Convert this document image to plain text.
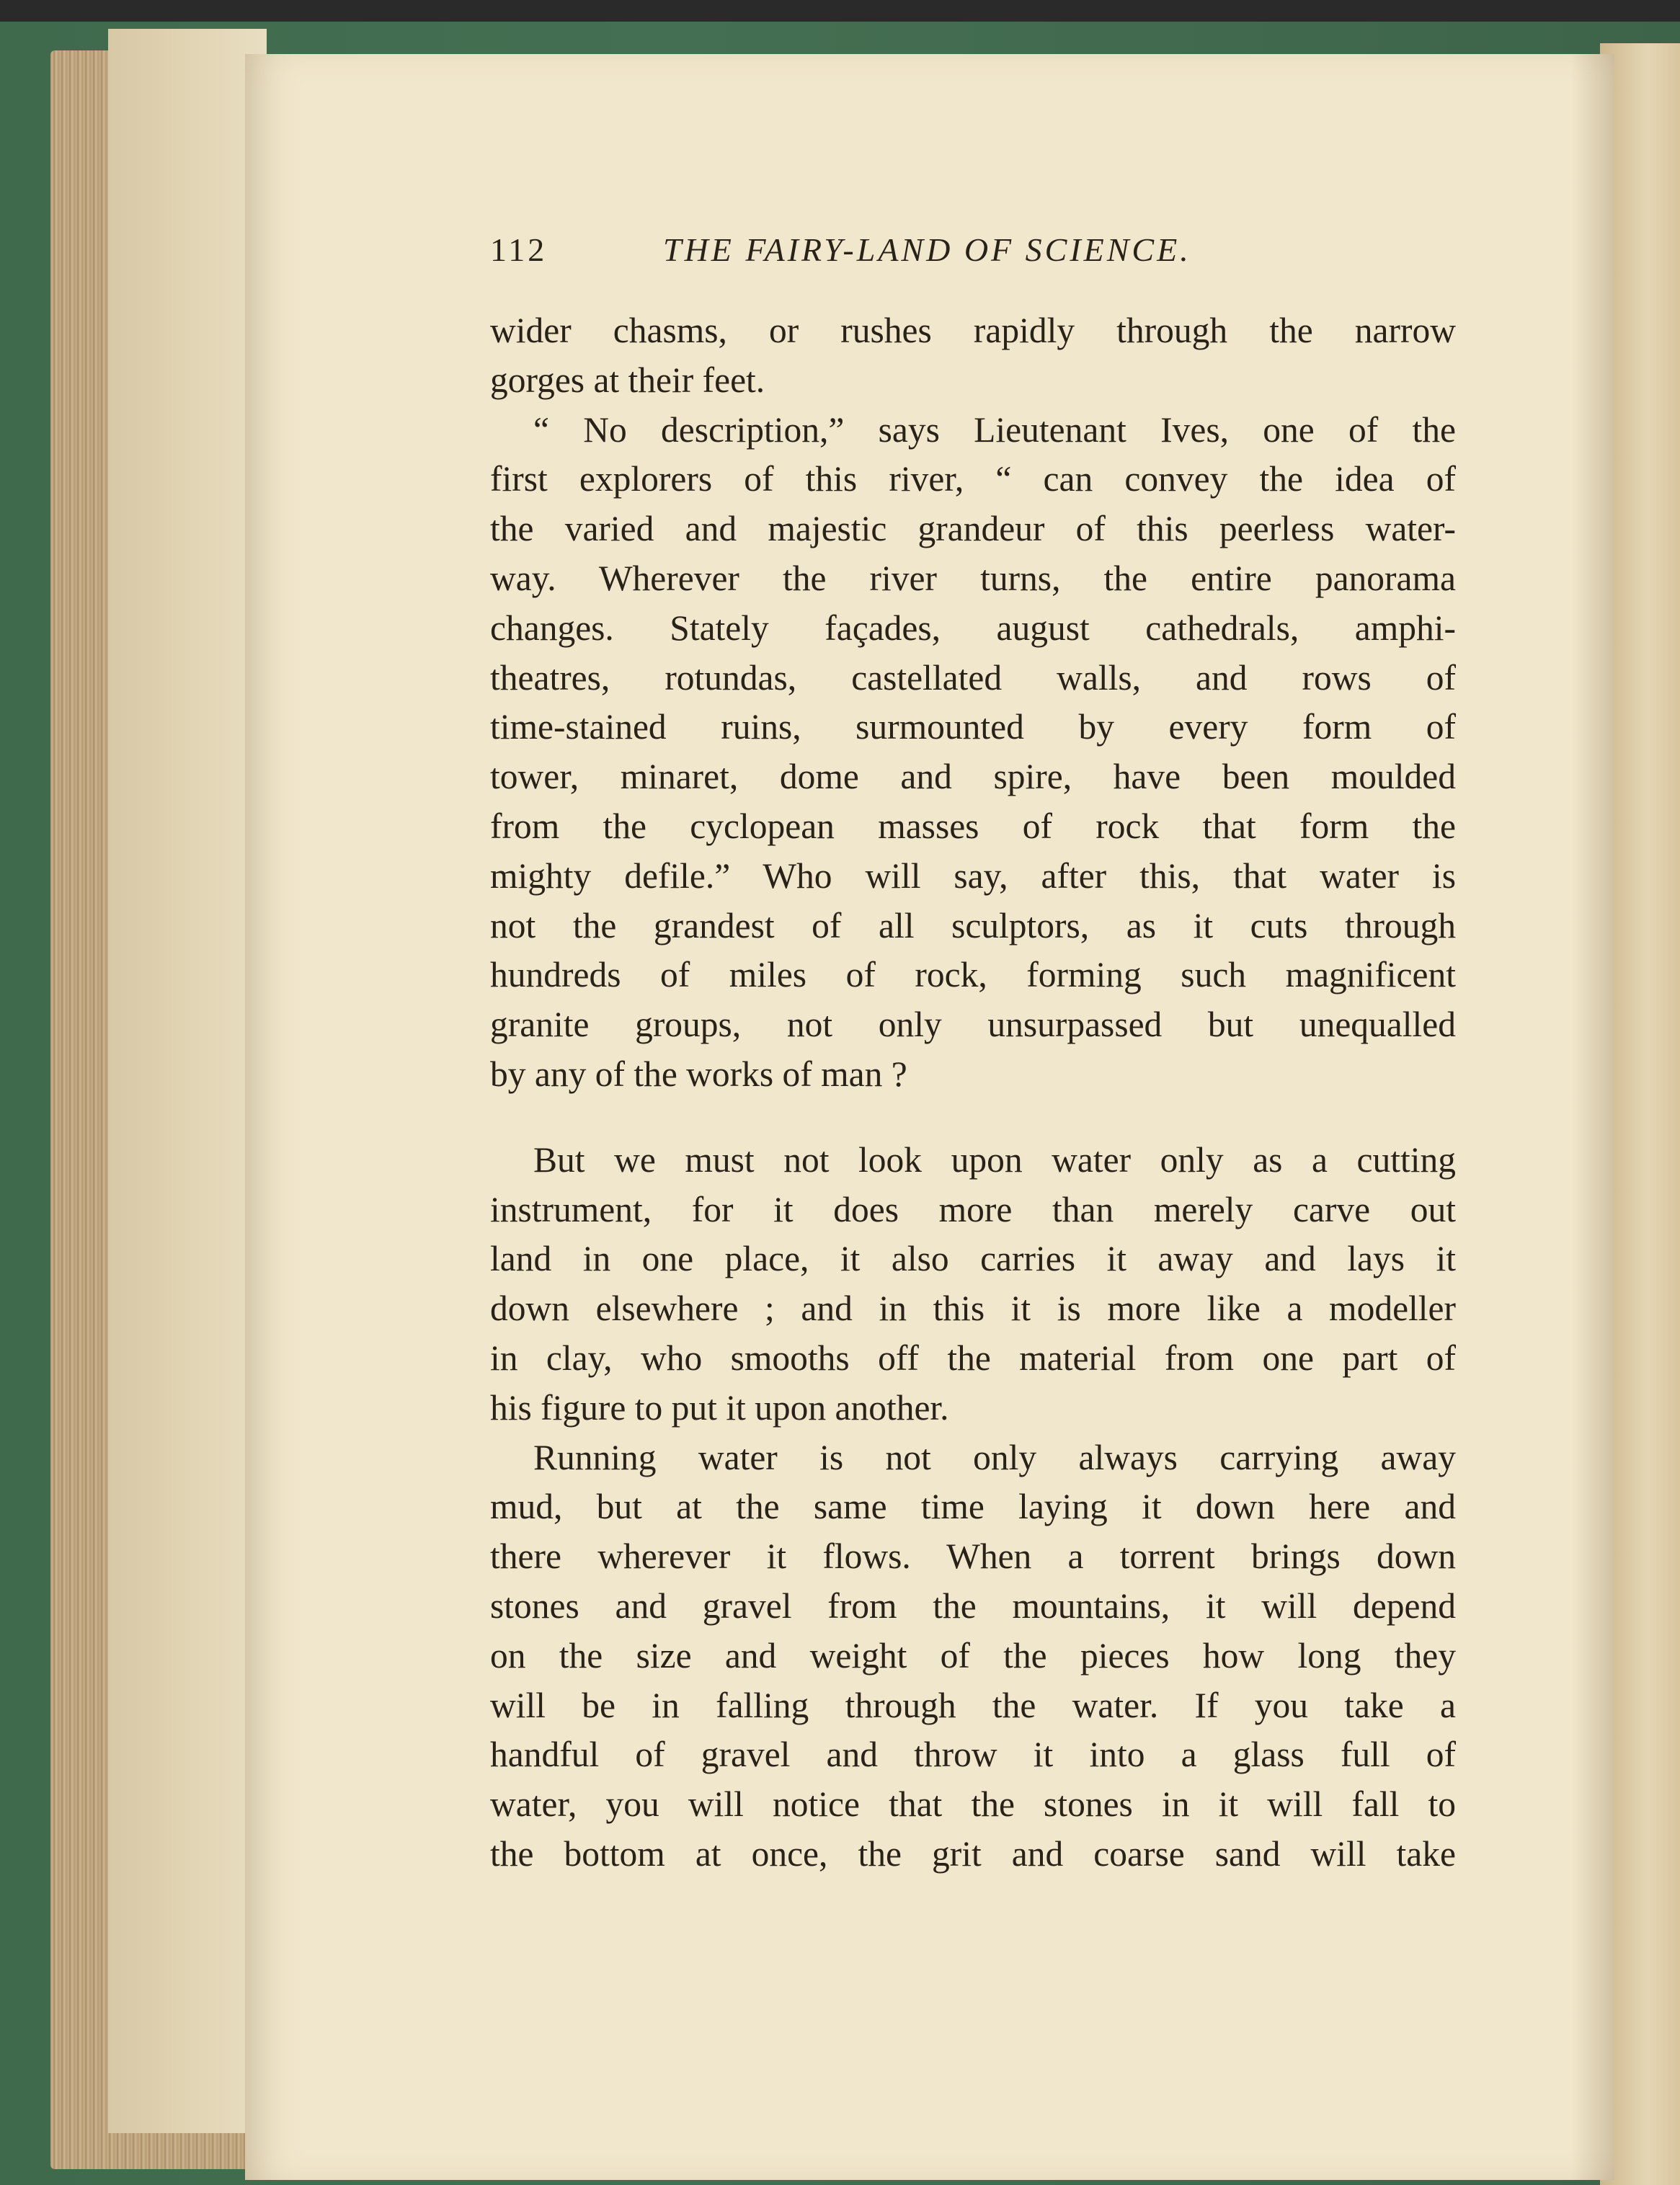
112	THE FAIRY-LAND OF SCIENCE.
wider chasms, or rushes rapidly through the narrow
gorges at their feet.
“ No description,” says Lieutenant Ives, one of the
first explorers of this river, “ can convey the idea of
the varied and majestic grandeur of this peerless water-
way. Wherever the river turns, the entire panorama
changes. Stately façades, august cathedrals, amphi-
theatres, rotundas, castellated walls, and rows of
time-stained ruins, surmounted by every form of
tower, minaret, dome and spire, have been moulded
from the cyclopean masses of rock that form the
mighty defile.” Who will say, after this, that water is
not the grandest of all sculptors, as it cuts through
hundreds of miles of rock, forming such magnificent
granite groups, not only unsurpassed but unequalled
by any of the works of man ?
But we must not look upon water only as a cutting
instrument, for it does more than merely carve out
land in one place, it also carries it away and lays it
down elsewhere ; and in this it is more like a modeller
in clay, who smooths off the material from one part of
his figure to put it upon another.
Running water is not only always carrying away
mud, but at the same time laying it down here and
there wherever it flows. When a torrent brings down
stones and gravel from the mountains, it will depend
on the size and weight of the pieces how long they
will be in falling through the water. If you take a
handful of gravel and throw it into a glass full of
water, you will notice that the stones in it will fall to
the bottom at once, the grit and coarse sand will take
